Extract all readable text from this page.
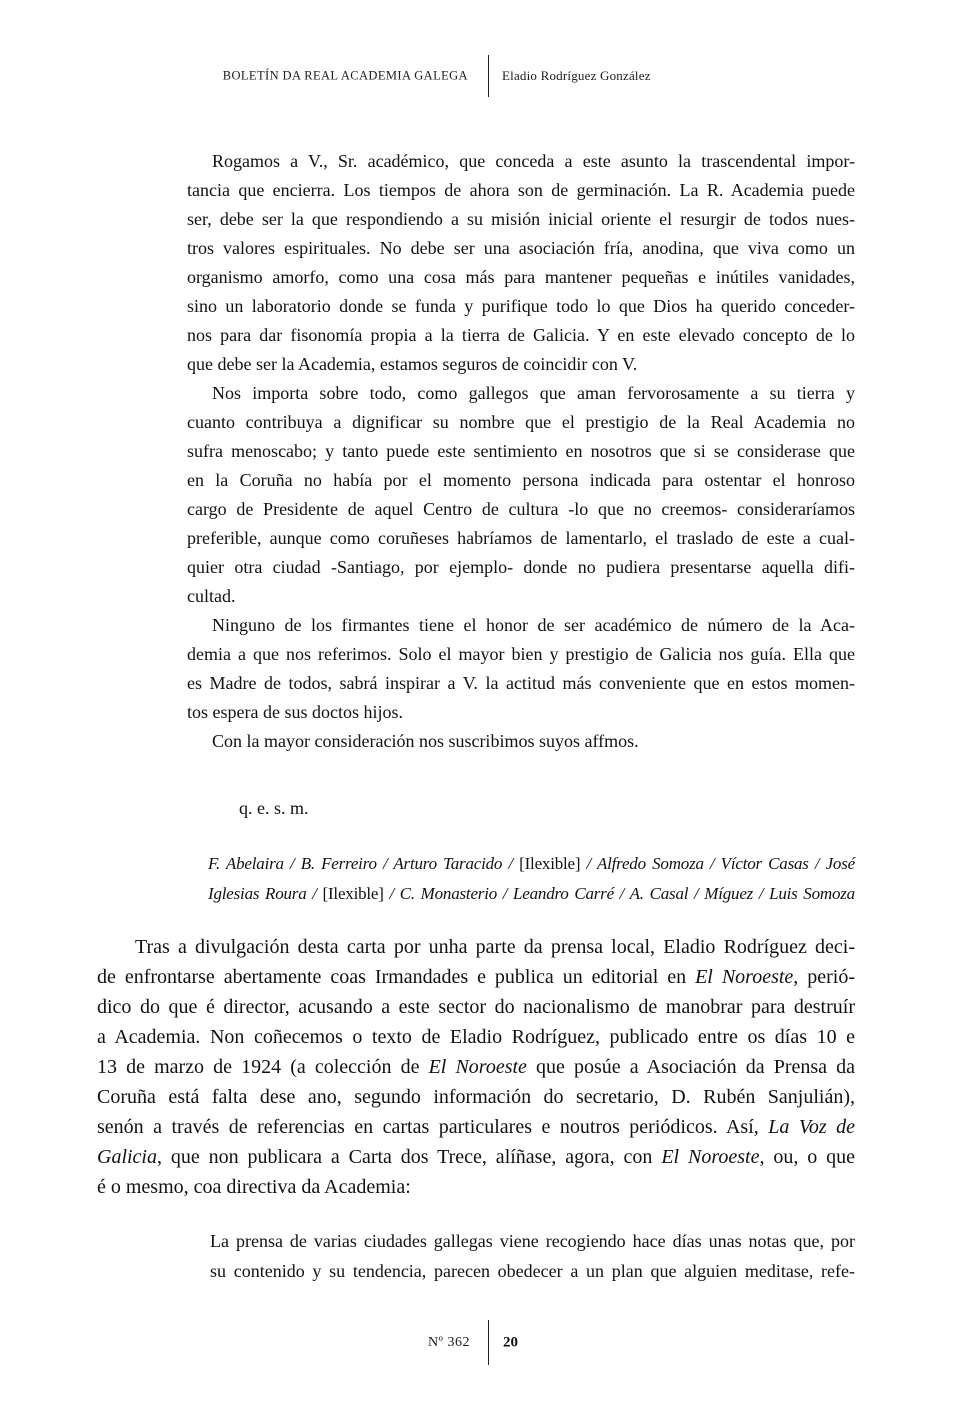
BOLETÍN DA REAL ACADEMIA GALEGA	Eladio Rodríguez González
Rogamos a V., Sr. académico, que conceda a este asunto la trascendental impor-
tancia que encierra. Los tiempos de ahora son de germinación. La R. Academia puede
ser, debe ser la que respondiendo a su misión inicial oriente el resurgir de todos nues-
tros valores espirituales. No debe ser una asociación fría, anodina, que viva como un
organismo amorfo, como una cosa más para mantener pequeñas e inútiles vanidades,
sino un laboratorio donde se funda y purifique todo lo que Dios ha querido conceder-
nos para dar fisonomía propia a la tierra de Galicia. Y en este elevado concepto de lo
que debe ser la Academia, estamos seguros de coincidir con V.
Nos importa sobre todo, como gallegos que aman fervorosamente a su tierra y
cuanto contribuya a dignificar su nombre que el prestigio de la Real Academia no
sufra menoscabo; y tanto puede este sentimiento en nosotros que si se considerase que
en la Coruña no había por el momento persona indicada para ostentar el honroso
cargo de Presidente de aquel Centro de cultura -lo que no creemos- consideraríamos
preferible, aunque como coruñeses habríamos de lamentarlo, el traslado de este a cual-
quier otra ciudad -Santiago, por ejemplo- donde no pudiera presentarse aquella difi-
cultad.
Ninguno de los firmantes tiene el honor de ser académico de número de la Aca-
demia a que nos referimos. Solo el mayor bien y prestigio de Galicia nos guía. Ella que
es Madre de todos, sabrá inspirar a V. la actitud más conveniente que en estos momen-
tos espera de sus doctos hijos.
Con la mayor consideración nos suscribimos suyos affmos.
q. e. s. m.
F. Abelaira / B. Ferreiro / Arturo Taracido / [Ilexible] / Alfredo Somoza / Víctor Casas / José
Iglesias Roura / [Ilexible] / C. Monasterio / Leandro Carré / A. Casal / Míguez / Luis Somoza
Tras a divulgación desta carta por unha parte da prensa local, Eladio Rodríguez deci-
de enfrontarse abertamente coas Irmandades e publica un editorial en El Noroeste, perió-
dico do que é director, acusando a este sector do nacionalismo de manobrar para destruír
a Academia. Non coñecemos o texto de Eladio Rodríguez, publicado entre os días 10 e
13 de marzo de 1924 (a colección de El Noroeste que posúe a Asociación da Prensa da
Coruña está falta dese ano, segundo información do secretario, D. Rubén Sanjulián),
senón a través de referencias en cartas particulares e noutros periódicos. Así, La Voz de
Galicia, que non publicara a Carta dos Trece, alíñase, agora, con El Noroeste, ou, o que
é o mesmo, coa directiva da Academia:
La prensa de varias ciudades gallegas viene recogiendo hace días unas notas que, por
su contenido y su tendencia, parecen obedecer a un plan que alguien meditase, refe-
Nº 362 20
